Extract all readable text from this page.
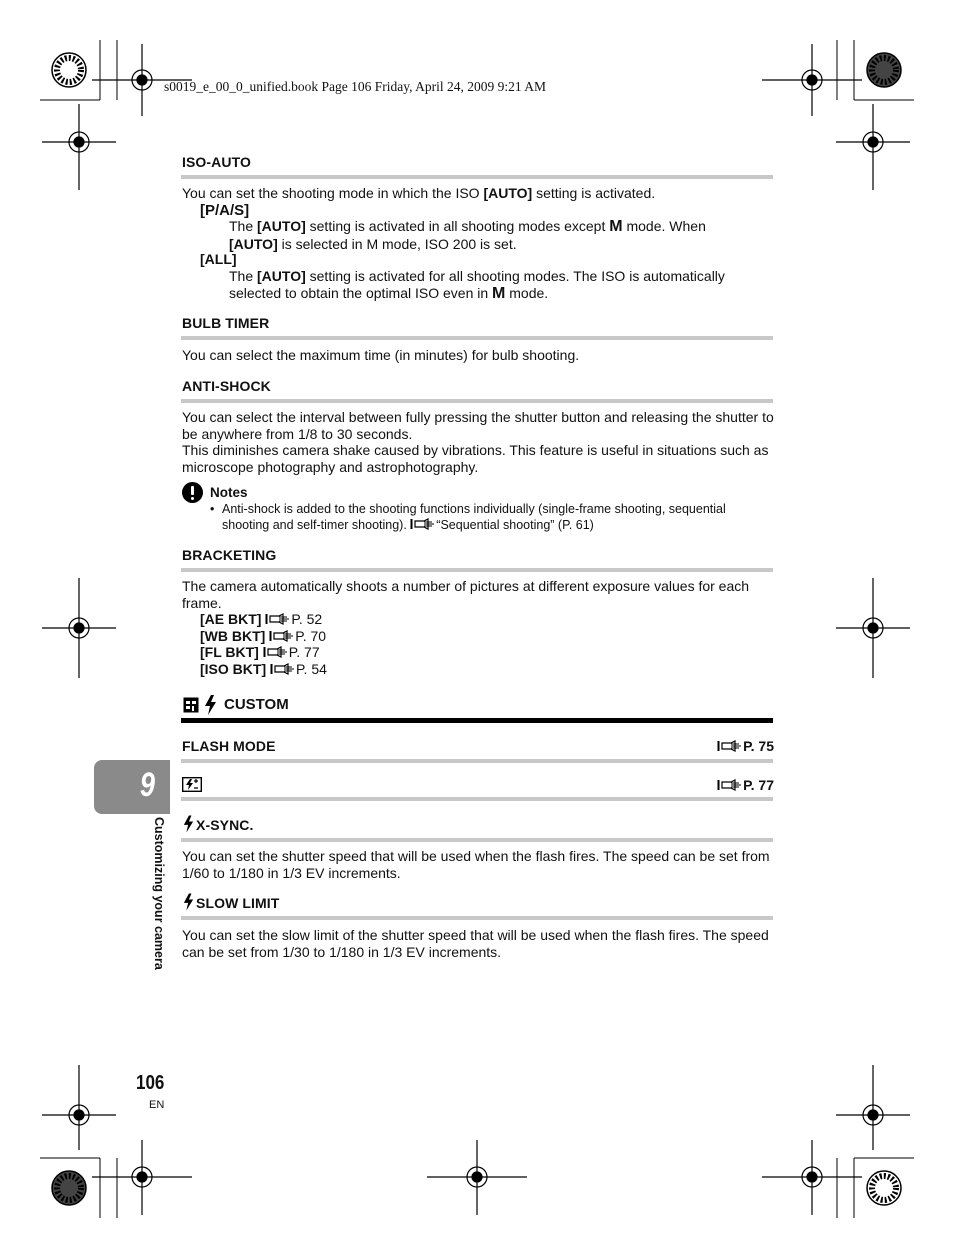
s0019_e_00_0_unified.book Page 106 Friday, April 24, 2009 9:21 AM
ISO-AUTO
You can set the shooting mode in which the ISO [AUTO] setting is activated.
[P/A/S]
The [AUTO] setting is activated in all shooting modes except M mode. When
[AUTO] is selected in M mode, ISO 200 is set.
[ALL]
The [AUTO] setting is activated for all shooting modes. The ISO is automatically
selected to obtain the optimal ISO even in M mode.
BULB TIMER
You can select the maximum time (in minutes) for bulb shooting.
ANTI-SHOCK
You can select the interval between fully pressing the shutter button and releasing the shutter to be anywhere from 1/8 to 30 seconds.
This diminishes camera shake caused by vibrations. This feature is useful in situations such as microscope photography and astrophotography.
Notes
• Anti-shock is added to the shooting functions individually (single-frame shooting, sequential
shooting and self-timer shooting). “Sequential shooting” (P. 61)
BRACKETING
The camera automatically shoots a number of pictures at different exposure values for each frame.
[AE BKT] P. 52
[WB BKT] P. 70
[FL BKT] P. 77
[ISO BKT] P. 54
CUSTOM
FLASH MODE	P. 75
P. 77
X-SYNC.
You can set the shutter speed that will be used when the flash fires. The speed can be set from 1/60 to 1/180 in 1/3 EV increments.
SLOW LIMIT
You can set the slow limit of the shutter speed that will be used when the flash fires. The speed can be set from 1/30 to 1/180 in 1/3 EV increments.
9
Customizing your camera
106
EN
